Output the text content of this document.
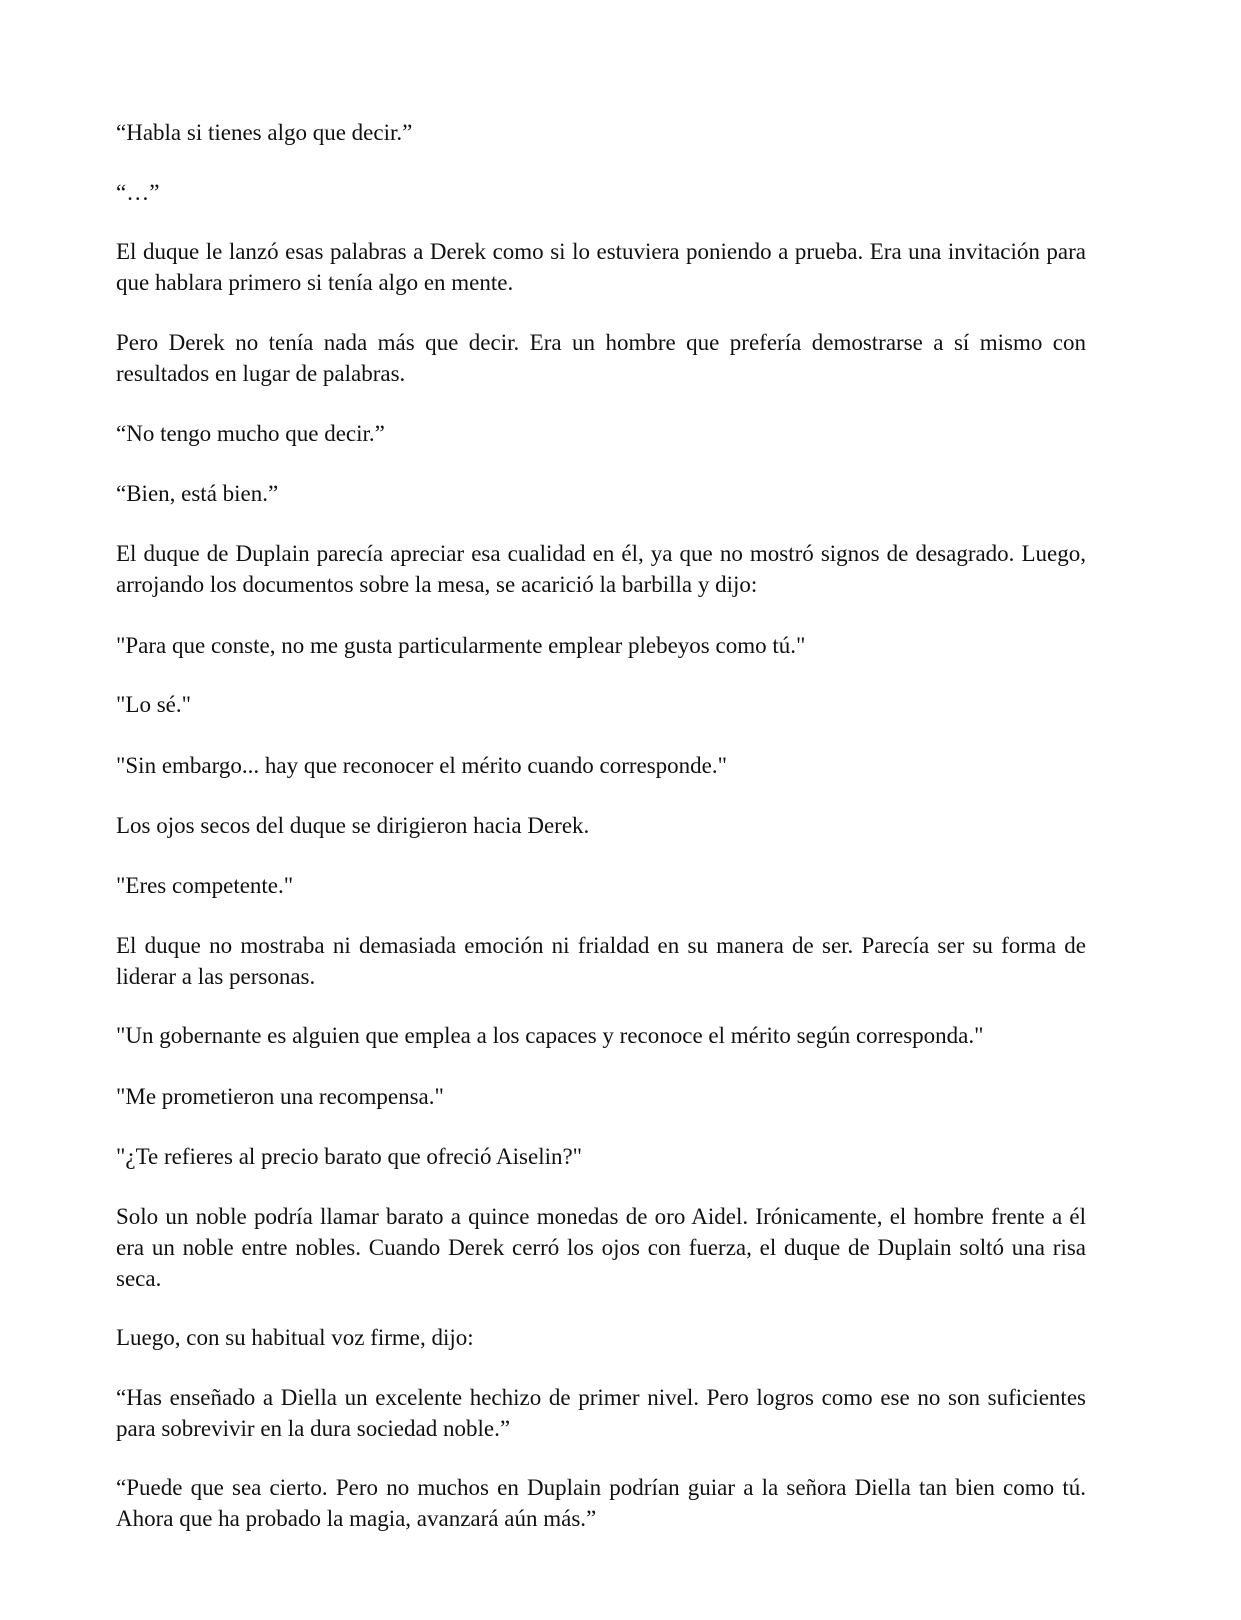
“Habla si tienes algo que decir.”

“…”

El duque le lanzó esas palabras a Derek como si lo estuviera poniendo a prueba. Era una invitación para que hablara primero si tenía algo en mente.

Pero Derek no tenía nada más que decir. Era un hombre que prefería demostrarse a sí mismo con resultados en lugar de palabras.

“No tengo mucho que decir.”

“Bien, está bien.”

El duque de Duplain parecía apreciar esa cualidad en él, ya que no mostró signos de desagrado. Luego, arrojando los documentos sobre la mesa, se acarició la barbilla y dijo:

"Para que conste, no me gusta particularmente emplear plebeyos como tú."

"Lo sé."

"Sin embargo... hay que reconocer el mérito cuando corresponde."

Los ojos secos del duque se dirigieron hacia Derek.

"Eres competente."

El duque no mostraba ni demasiada emoción ni frialdad en su manera de ser. Parecía ser su forma de liderar a las personas.

"Un gobernante es alguien que emplea a los capaces y reconoce el mérito según corresponda."

"Me prometieron una recompensa."

"¿Te refieres al precio barato que ofreció Aiselin?"

Solo un noble podría llamar barato a quince monedas de oro Aidel. Irónicamente, el hombre frente a él era un noble entre nobles. Cuando Derek cerró los ojos con fuerza, el duque de Duplain soltó una risa seca.

Luego, con su habitual voz firme, dijo:

“Has enseñado a Diella un excelente hechizo de primer nivel. Pero logros como ese no son suficientes para sobrevivir en la dura sociedad noble.”

“Puede que sea cierto. Pero no muchos en Duplain podrían guiar a la señora Diella tan bien como tú. Ahora que ha probado la magia, avanzará aún más.”
